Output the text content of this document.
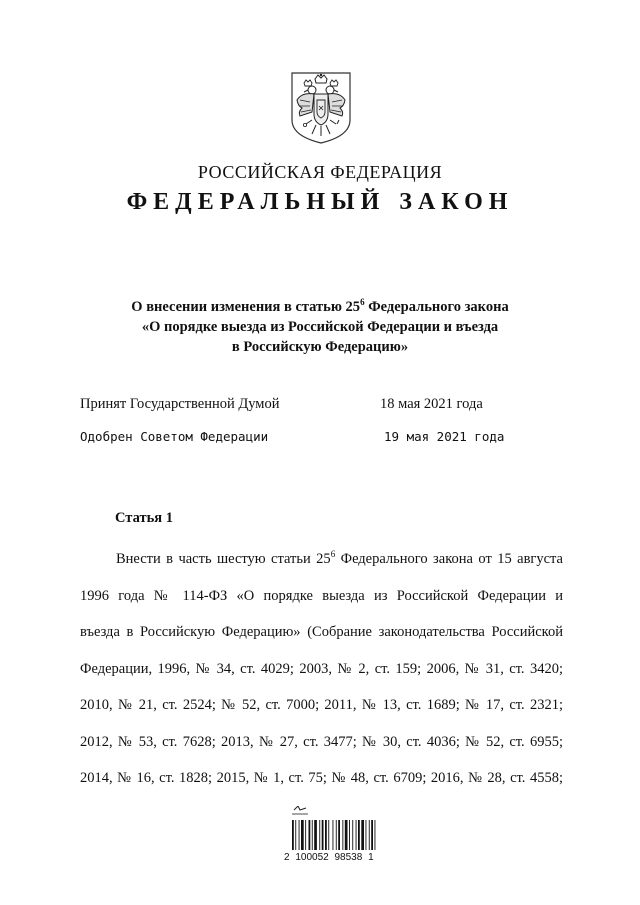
РОССИЙСКАЯ ФЕДЕРАЦИЯ
ФЕДЕРАЛЬНЫЙ ЗАКОН
О внесении изменения в статью $25^6$ Федерального закона
«О порядке выезда из Российской Федерации и въезда
в Российскую Федерацию»
Принят Государственной Думой	18 мая 2021 года
Одобрен Советом Федерации	19 мая 2021 года
Статья 1
Внести в часть шестую статьи $25^6$ Федерального закона от 15 августа
1996 года № 114-ФЗ «О порядке выезда из Российской Федерации и
въезда в Российскую Федерацию» (Собрание законодательства Российской
Федерации, 1996, № 34, ст. 4029; 2003, № 2, ст. 159; 2006, № 31, ст. 3420;
2010, № 21, ст. 2524; № 52, ст. 7000; 2011, № 13, ст. 1689; № 17, ст. 2321;
2012, № 53, ст. 7628; 2013, № 27, ст. 3477; № 30, ст. 4036; № 52, ст. 6955;
2014, № 16, ст. 1828; 2015, № 1, ст. 75; № 48, ст. 6709; 2016, № 28, ст. 4558;
2 100052 98538 1
